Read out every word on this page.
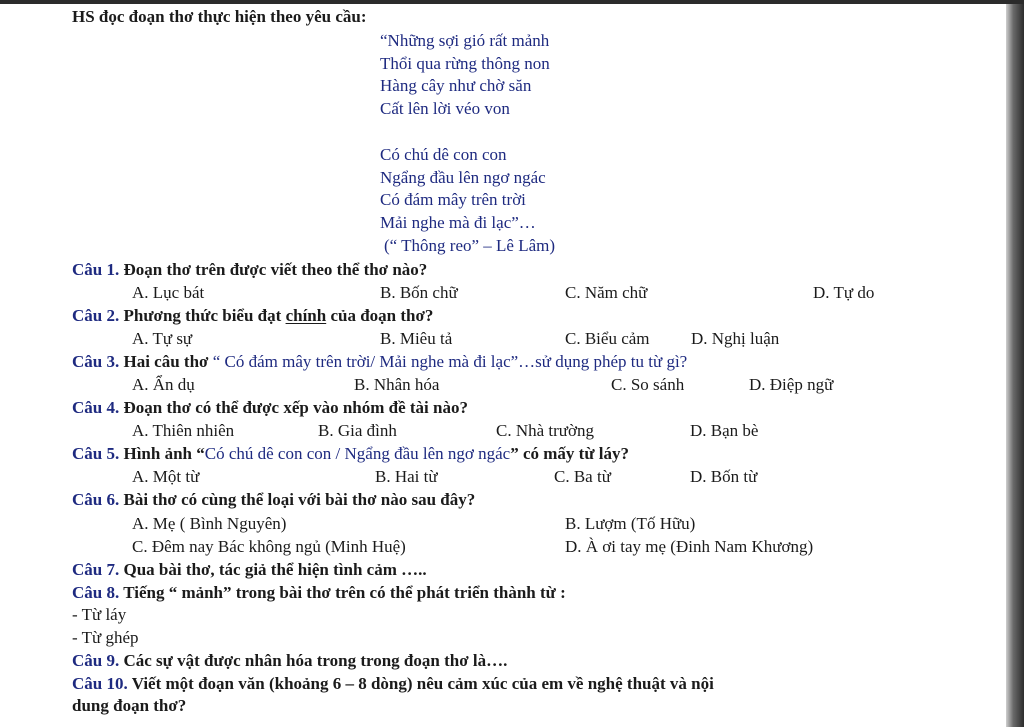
HS đọc đoạn thơ thực hiện theo yêu cầu:
“Những sợi gió rất mảnh
Thổi qua rừng thông non
Hàng cây như chờ săn
Cất lên lời véo von
Có chú dê con con
Ngẩng đầu lên ngơ ngác
Có đám mây trên trời
Mải nghe mà đi lạc”…
(“ Thông reo” – Lê Lâm)
Câu 1. Đoạn thơ trên được viết theo thể thơ nào?
A. Lục bát	B. Bốn chữ	C. Năm chữ	D. Tự do
Câu 2. Phương thức biểu đạt chính của đoạn thơ?
A. Tự sự	B. Miêu tả	C. Biểu cảm D. Nghị luận
Câu 3. Hai câu thơ “ Có đám mây trên trời/ Mải nghe mà đi lạc”…sử dụng phép tu từ gì?
A. Ẩn dụ	B. Nhân hóa	C. So sánh	D. Điệp ngữ
Câu 4. Đoạn thơ có thể được xếp vào nhóm đề tài nào?
A. Thiên nhiên	B. Gia đình	C. Nhà trường	D. Bạn bè
Câu 5. Hình ảnh “Có chú dê con con / Ngẩng đầu lên ngơ ngác” có mấy từ láy?
A. Một từ	B. Hai từ	C. Ba từ	D. Bốn từ
Câu 6. Bài thơ có cùng thể loại với bài thơ nào sau đây?
A. Mẹ ( Bình Nguyên)	B. Lượm (Tố Hữu)
C. Đêm nay Bác không ngủ (Minh Huệ)	D. À ơi tay mẹ (Đinh Nam Khương)
Câu 7. Qua bài thơ, tác giả thể hiện tình cảm …..
Câu 8. Tiếng “ mảnh” trong bài thơ trên có thể phát triển thành từ :
- Từ láy
- Từ ghép
Câu 9. Các sự vật được nhân hóa trong trong đoạn thơ là….
Câu 10. Viết một đoạn văn (khoảng 6 – 8 dòng) nêu cảm xúc của em về nghệ thuật và nội
dung đoạn thơ?
